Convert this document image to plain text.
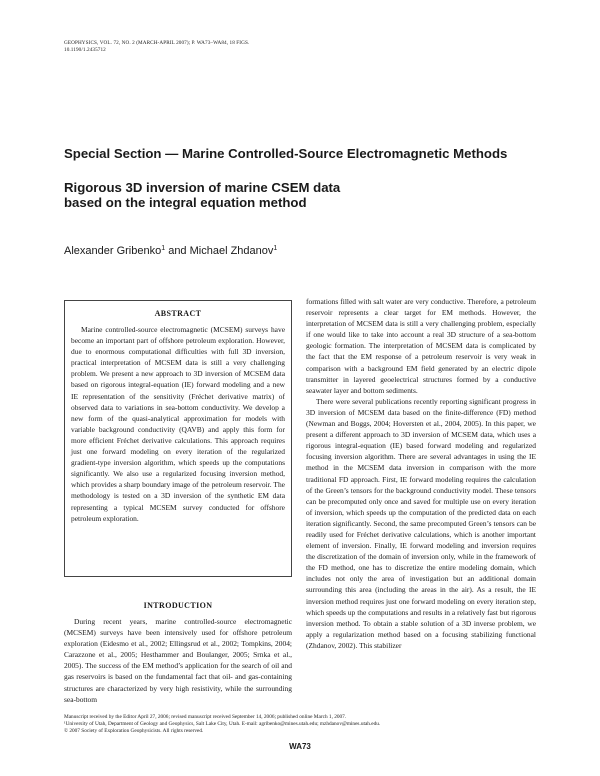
GEOPHYSICS, VOL. 72, NO. 2 (MARCH-APRIL 2007); P. WA73–WA84, 18 FIGS.
10.1190/1.2435712
Special Section — Marine Controlled-Source Electromagnetic Methods
Rigorous 3D inversion of marine CSEM data
based on the integral equation method
Alexander Gribenko$^1$ and Michael Zhdanov$^1$
ABSTRACT

Marine controlled-source electromagnetic (MCSEM) surveys have become an important part of offshore petroleum exploration. However, due to enormous computational difficulties with full 3D inversion, practical interpretation of MCSEM data is still a very challenging problem. We present a new approach to 3D inversion of MCSEM data based on rigorous integral-equation (IE) forward modeling and a new IE representation of the sensitivity (Fréchet derivative matrix) of observed data to variations in sea-bottom conductivity. We develop a new form of the quasi-analytical approximation for models with variable background conductivity (QAVB) and apply this form for more efficient Fréchet derivative calculations. This approach requires just one forward modeling on every iteration of the regularized gradient-type inversion algorithm, which speeds up the computations significantly. We also use a regularized focusing inversion method, which provides a sharp boundary image of the petroleum reservoir. The methodology is tested on a 3D inversion of the synthetic EM data representing a typical MCSEM survey conducted for offshore petroleum exploration.

INTRODUCTION

During recent years, marine controlled-source electromagnetic (MCSEM) surveys have been intensively used for offshore petroleum exploration (Eidesmo et al., 2002; Ellingsrud et al., 2002; Tompkins, 2004; Carazzone et al., 2005; Hesthammer and Boulanger, 2005; Srnka et al., 2005). The success of the EM method’s application for the search of oil and gas reservoirs is based on the fundamental fact that oil- and gas-containing structures are characterized by very high resistivity, while the surrounding sea-bottom

formations filled with salt water are very conductive. Therefore, a petroleum reservoir represents a clear target for EM methods. However, the interpretation of MCSEM data is still a very challenging problem, especially if one would like to take into account a real 3D structure of a sea-bottom geologic formation. The interpretation of MCSEM data is complicated by the fact that the EM response of a petroleum reservoir is very weak in comparison with a background EM field generated by an electric dipole transmitter in layered geoelectrical structures formed by a conductive seawater layer and bottom sediments.

There were several publications recently reporting significant progress in 3D inversion of MCSEM data based on the finite-difference (FD) method (Newman and Boggs, 2004; Hoversten et al., 2004, 2005). In this paper, we present a different approach to 3D inversion of MCSEM data, which uses a rigorous integral-equation (IE) based forward modeling and regularized focusing inversion algorithm. There are several advantages in using the IE method in the MCSEM data inversion in comparison with the more traditional FD approach. First, IE forward modeling requires the calculation of the Green’s tensors for the background conductivity model. These tensors can be precomputed only once and saved for multiple use on every iteration of inversion, which speeds up the computation of the predicted data on each iteration significantly. Second, the same precomputed Green’s tensors can be readily used for Fréchet derivative calculations, which is another important element of inversion. Finally, IE forward modeling and inversion requires the discretization of the domain of inversion only, while in the framework of the FD method, one has to discretize the entire modeling domain, which includes not only the area of investigation but an additional domain surrounding this area (including the areas in the air). As a result, the IE inversion method requires just one forward modeling on every iteration step, which speeds up the computations and results in a relatively fast but rigorous inversion method. To obtain a stable solution of a 3D inverse problem, we apply a regularization method based on a focusing stabilizing functional (Zhdanov, 2002). This stabilizer

Manuscript received by the Editor April 27, 2006; revised manuscript received September 14, 2006; published online March 1, 2007.
¹University of Utah, Department of Geology and Geophysics, Salt Lake City, Utah. E-mail: agribenko@mines.utah.edu; mzhdanov@mines.utah.edu.
© 2007 Society of Exploration Geophysicists. All rights reserved.
WA73
